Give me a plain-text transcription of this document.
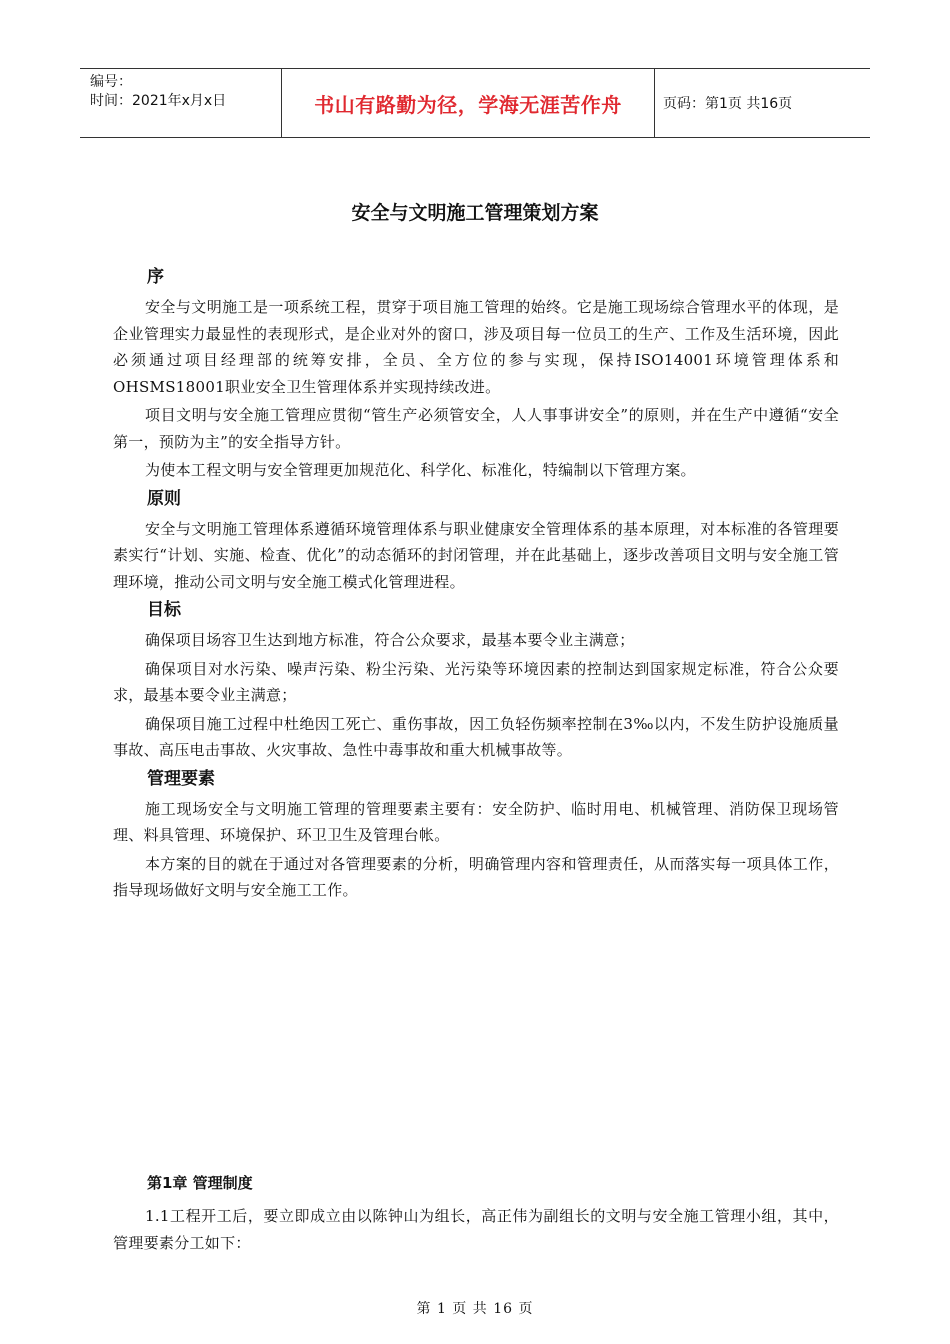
编号：
时间：2021年x月x日	书山有路勤为径，学海无涯苦作舟	页码：第1页 共16页
安全与文明施工管理策划方案
序

安全与文明施工是一项系统工程，贯穿于项目施工管理的始终。它是施工现场综合管理水平的体现，是企业管理实力最显性的表现形式，是企业对外的窗口，涉及项目每一位员工的生产、工作及生活环境，因此必须通过项目经理部的统筹安排，全员、全方位的参与实现，保持ISO14001环境管理体系和OHSMS18001职业安全卫生管理体系并实现持续改进。

项目文明与安全施工管理应贯彻“管生产必须管安全，人人事事讲安全”的原则，并在生产中遵循“安全第一，预防为主”的安全指导方针。

为使本工程文明与安全管理更加规范化、科学化、标准化，特编制以下管理方案。

原则

安全与文明施工管理体系遵循环境管理体系与职业健康安全管理体系的基本原理，对本标准的各管理要素实行“计划、实施、检查、优化”的动态循环的封闭管理，并在此基础上，逐步改善项目文明与安全施工管理环境，推动公司文明与安全施工模式化管理进程。

目标

确保项目场容卫生达到地方标准，符合公众要求，最基本要令业主满意；

确保项目对水污染、噪声污染、粉尘污染、光污染等环境因素的控制达到国家规定标准，符合公众要求，最基本要令业主满意；

确保项目施工过程中杜绝因工死亡、重伤事故，因工负轻伤频率控制在3‰以内，不发生防护设施质量事故、高压电击事故、火灾事故、急性中毒事故和重大机械事故等。

管理要素

施工现场安全与文明施工管理的管理要素主要有：安全防护、临时用电、机械管理、消防保卫现场管理、料具管理、环境保护、环卫卫生及管理台帐。

本方案的目的就在于通过对各管理要素的分析，明确管理内容和管理责任，从而落实每一项具体工作，指导现场做好文明与安全施工工作。

第1章 管理制度

1.1工程开工后，要立即成立由以陈钟山为组长，高正伟为副组长的文明与安全施工管理小组，其中，管理要素分工如下：

第 1 页 共 16 页
